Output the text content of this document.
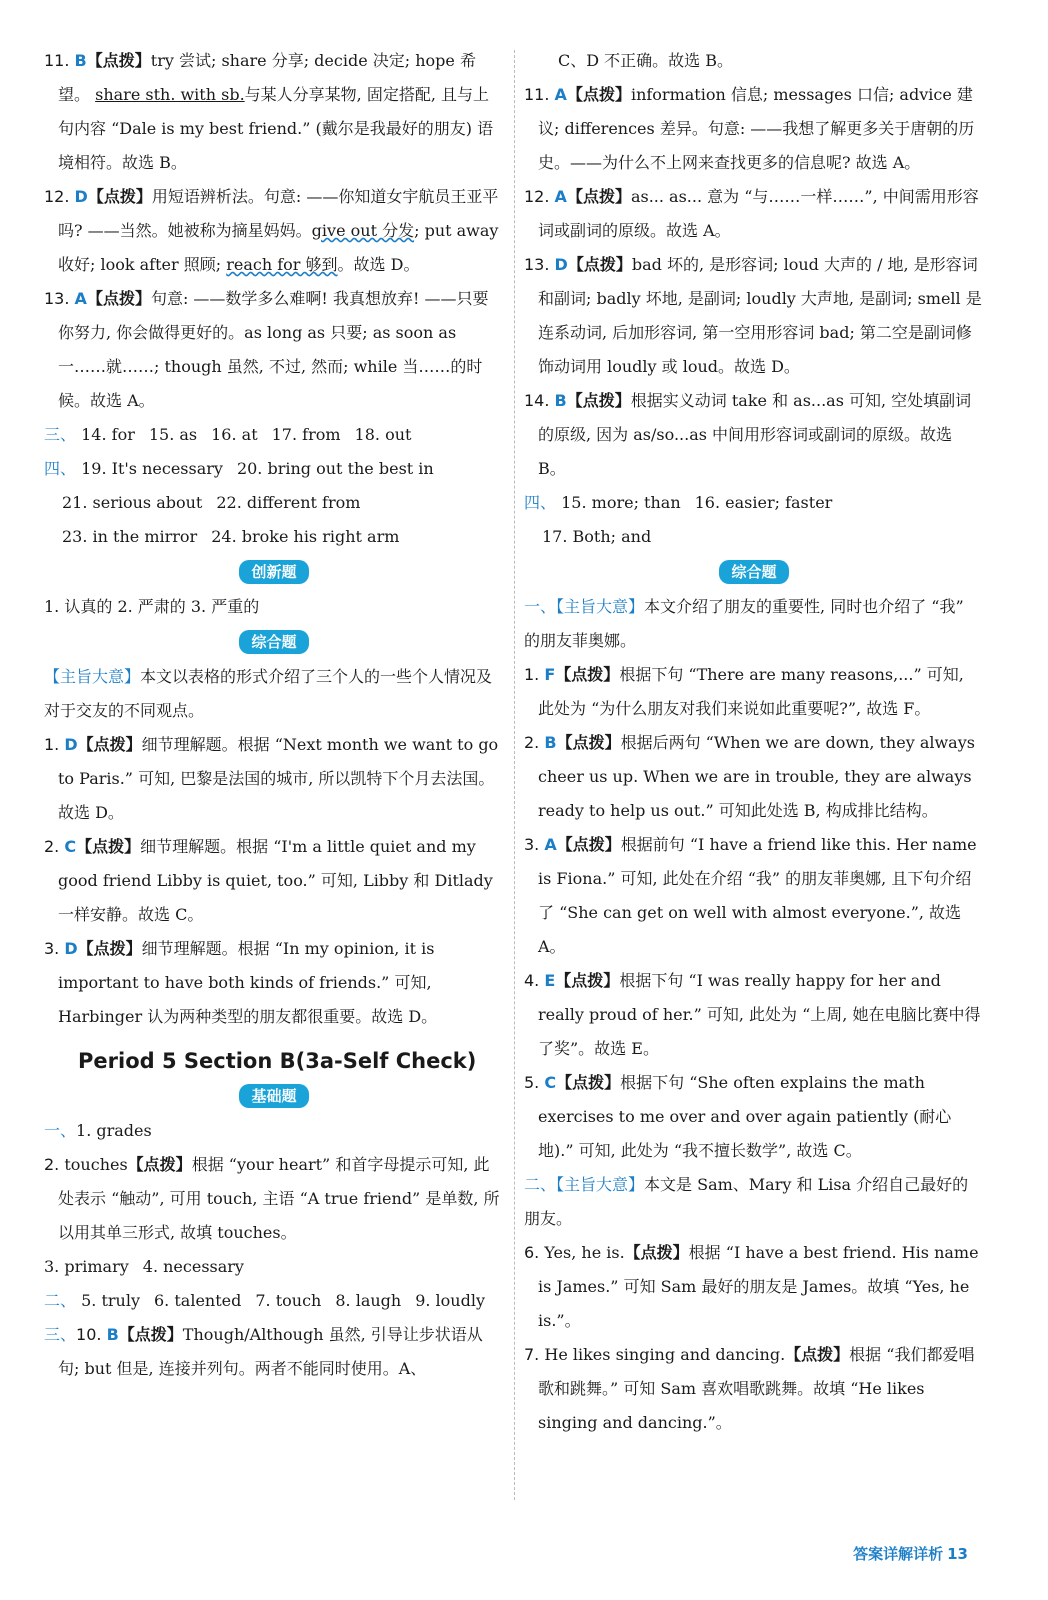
11. B【点拨】try 尝试; share 分享; decide 决定; hope 希望。 share sth. with sb.与某人分享某物, 固定搭配, 且与上句内容 “Dale is my best friend.” (戴尔是我最好的朋友) 语境相符。故选 B。

12. D【点拨】用短语辨析法。句意: ——你知道女宇航员王亚平吗? ——当然。她被称为摘星妈妈。give out 分发; put away 收好; look after 照顾; reach for 够到。故选 D。

13. A【点拨】句意: ——数学多么难啊! 我真想放弃! ——只要你努力, 你会做得更好的。as long as 只要; as soon as 一……就……; though 虽然, 不过, 然而; while 当……的时候。故选 A。

三、 14. for 15. as 16. at 17. from 18. out
四、 19. It's necessary 20. bring out the best in
21. serious about 22. different from
23. in the mirror 24. broke his right arm
创新题
1. 认真的 2. 严肃的 3. 严重的
综合题

【主旨大意】本文以表格的形式介绍了三个人的一些个人情况及对于交友的不同观点。

1. D【点拨】细节理解题。根据 “Next month we want to go to Paris.” 可知, 巴黎是法国的城市, 所以凯特下个月去法国。故选 D。

2. C【点拨】细节理解题。根据 “I'm a little quiet and my good friend Libby is quiet, too.” 可知, Libby 和 Ditlady 一样安静。故选 C。

3. D【点拨】细节理解题。根据 “In my opinion, it is important to have both kinds of friends.” 可知, Harbinger 认为两种类型的朋友都很重要。故选 D。

Period 5 Section B(3a-Self Check)
基础题
一、1. grades

2. touches【点拨】根据 “your heart” 和首字母提示可知, 此处表示 “触动”, 可用 touch, 主语 “A true friend” 是单数, 所以用其单三形式, 故填 touches。

3. primary 4. necessary
二、 5. truly 6. talented 7. touch 8. laugh 9. loudly

三、10. B【点拨】Though/Although 虽然, 引导让步状语从句; but 但是, 连接并列句。两者不能同时使用。A、

C、D 不正确。故选 B。

11. A【点拨】information 信息; messages 口信; advice 建议; differences 差异。句意: ——我想了解更多关于唐朝的历史。——为什么不上网来查找更多的信息呢? 故选 A。

12. A【点拨】as... as... 意为 “与……一样……”, 中间需用形容词或副词的原级。故选 A。

13. D【点拨】bad 坏的, 是形容词; loud 大声的 / 地, 是形容词和副词; badly 坏地, 是副词; loudly 大声地, 是副词; smell 是连系动词, 后加形容词, 第一空用形容词 bad; 第二空是副词修饰动词用 loudly 或 loud。故选 D。

14. B【点拨】根据实义动词 take 和 as...as 可知, 空处填副词的原级, 因为 as/so...as 中间用形容词或副词的原级。故选 B。

四、 15. more; than 16. easier; faster
17. Both; and
综合题

一、【主旨大意】本文介绍了朋友的重要性, 同时也介绍了 “我” 的朋友菲奥娜。

1. F【点拨】根据下句 “There are many reasons,...” 可知, 此处为 “为什么朋友对我们来说如此重要呢?”, 故选 F。

2. B【点拨】根据后两句 “When we are down, they always cheer us up. When we are in trouble, they are always ready to help us out.” 可知此处选 B, 构成排比结构。

3. A【点拨】根据前句 “I have a friend like this. Her name is Fiona.” 可知, 此处在介绍 “我” 的朋友菲奥娜, 且下句介绍了 “She can get on well with almost everyone.”, 故选 A。

4. E【点拨】根据下句 “I was really happy for her and really proud of her.” 可知, 此处为 “上周, 她在电脑比赛中得了奖”。故选 E。

5. C【点拨】根据下句 “She often explains the math exercises to me over and over again patiently (耐心地).” 可知, 此处为 “我不擅长数学”, 故选 C。

二、【主旨大意】本文是 Sam、Mary 和 Lisa 介绍自己最好的朋友。

6. Yes, he is.【点拨】根据 “I have a best friend. His name is James.” 可知 Sam 最好的朋友是 James。故填 “Yes, he is.”。

7. He likes singing and dancing.【点拨】根据 “我们都爱唱歌和跳舞。” 可知 Sam 喜欢唱歌跳舞。故填 “He likes singing and dancing.”。

答案详解详析 13
